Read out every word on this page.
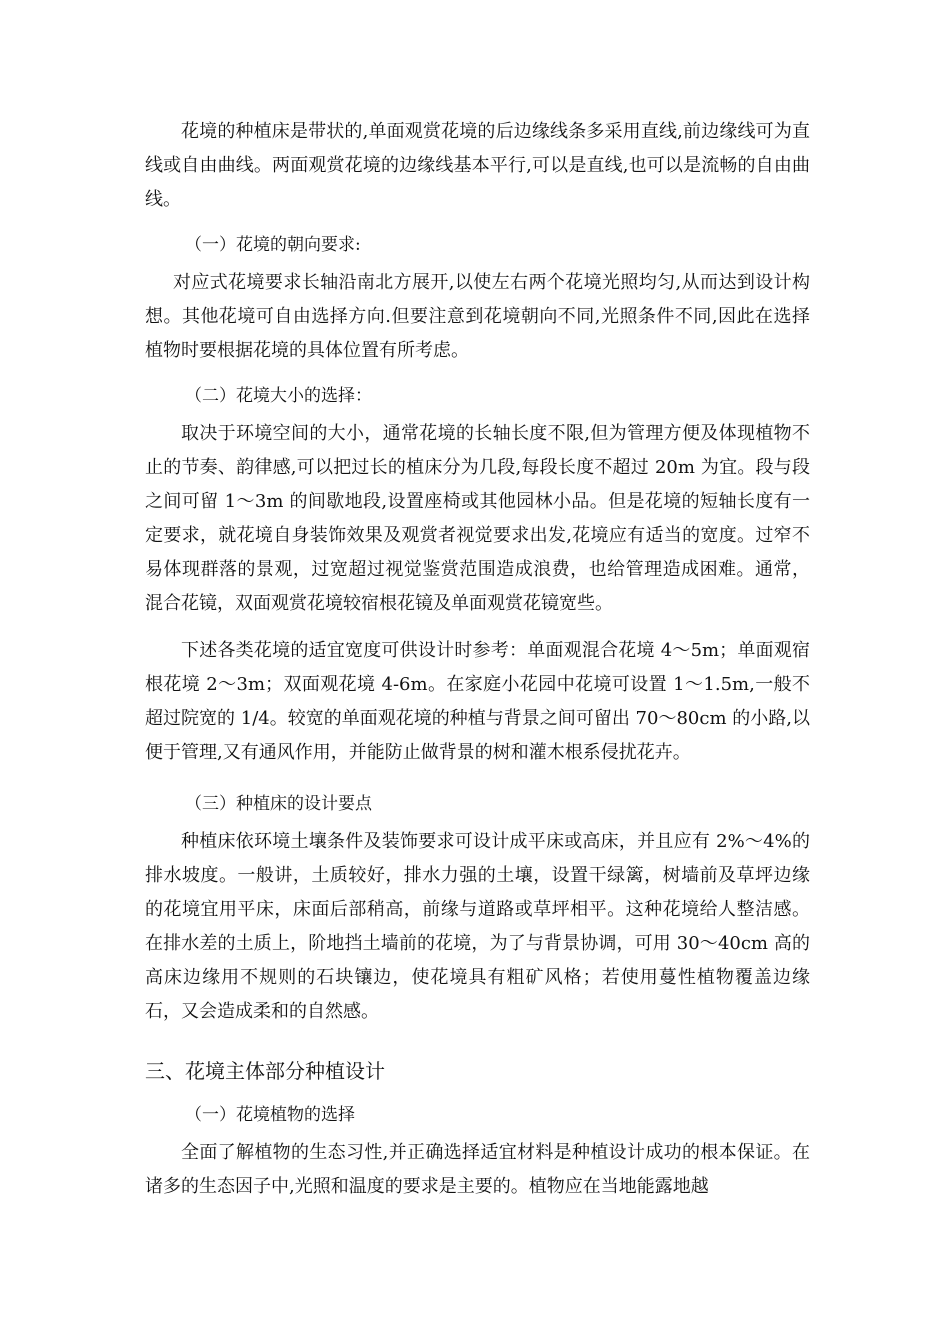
花境的种植床是带状的,单面观赏花境的后边缘线条多采用直线,前边缘线可为直线或自由曲线。两面观赏花境的边缘线基本平行,可以是直线,也可以是流畅的自由曲线。

（一）花境的朝向要求:

对应式花境要求长轴沿南北方展开,以使左右两个花境光照均匀,从而达到设计构想。其他花境可自由选择方向.但要注意到花境朝向不同,光照条件不同,因此在选择植物时要根据花境的具体位置有所考虑。

（二）花境大小的选择：

取决于环境空间的大小，通常花境的长轴长度不限,但为管理方便及体现植物不止的节奏、韵律感,可以把过长的植床分为几段,每段长度不超过 20m 为宜。段与段之间可留 1～3m 的间歇地段,设置座椅或其他园林小品。但是花境的短轴长度有一定要求，就花境自身装饰效果及观赏者视觉要求出发,花境应有适当的宽度。过窄不易体现群落的景观，过宽超过视觉鉴赏范围造成浪费，也给管理造成困难。通常，混合花镜，双面观赏花境较宿根花镜及单面观赏花镜宽些。

下述各类花境的适宜宽度可供设计时参考：单面观混合花境 4～5m；单面观宿根花境 2～3m；双面观花境 4-6m。在家庭小花园中花境可设置 1～1.5m,一般不超过院宽的 1/4。较宽的单面观花境的种植与背景之间可留出 70～80cm 的小路,以便于管理,又有通风作用，并能防止做背景的树和灌木根系侵扰花卉。

（三）种植床的设计要点

种植床依环境土壤条件及装饰要求可设计成平床或高床，并且应有 2%～4%的排水坡度。一般讲，土质较好，排水力强的土壤，设置干绿篱，树墙前及草坪边缘的花境宜用平床，床面后部稍高，前缘与道路或草坪相平。这种花境给人整洁感。在排水差的土质上，阶地挡土墙前的花境，为了与背景协调，可用 30～40cm 高的高床边缘用不规则的石块镶边，使花境具有粗矿风格；若使用蔓性植物覆盖边缘石，又会造成柔和的自然感。

三、花境主体部分种植设计
（一）花境植物的选择

全面了解植物的生态习性,并正确选择适宜材料是种植设计成功的根本保证。在诸多的生态因子中,光照和温度的要求是主要的。植物应在当地能露地越
